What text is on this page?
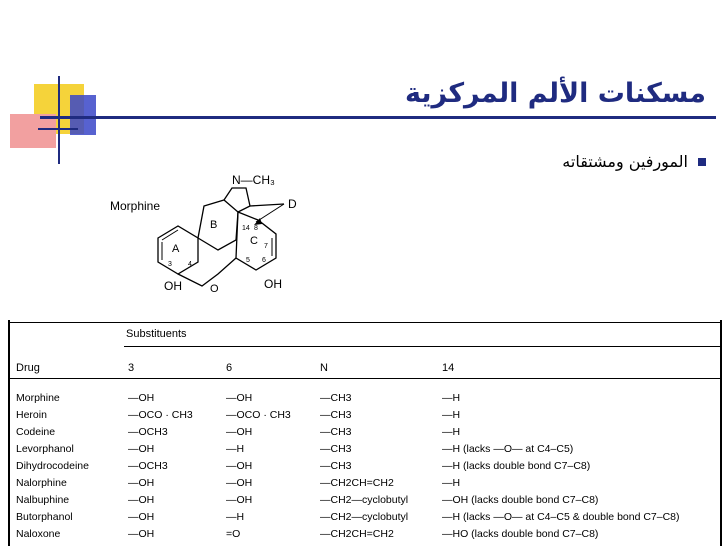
مسكنات الألم المركزية
المورفين ومشتقاته
Morphine
N—CH₃
D
A
3 4
B
C
14 8
7
6
5
O
OH	OH
Substituents
Drug	3	6	N	14
Morphine	—OH	—OH	—CH3	—H
Heroin	—OCO · CH3	—OCO · CH3	—CH3	—H
Codeine	—OCH3	—OH	—CH3	—H
Levorphanol	—OH	—H	—CH3	—H (lacks —O— at C4–C5)
Dihydrocodeine	—OCH3	—OH	—CH3	—H (lacks double bond C7–C8)
Nalorphine	—OH	—OH	—CH2CH=CH2	—H
Nalbuphine	—OH	—OH	—CH2—cyclobutyl	—OH (lacks double bond C7–C8)
Butorphanol	—OH	—H	—CH2—cyclobutyl	—H (lacks —O— at C4–C5 & double bond C7–C8)
Naloxone	—OH	=O	—CH2CH=CH2	—HO (lacks double bond C7–C8)
